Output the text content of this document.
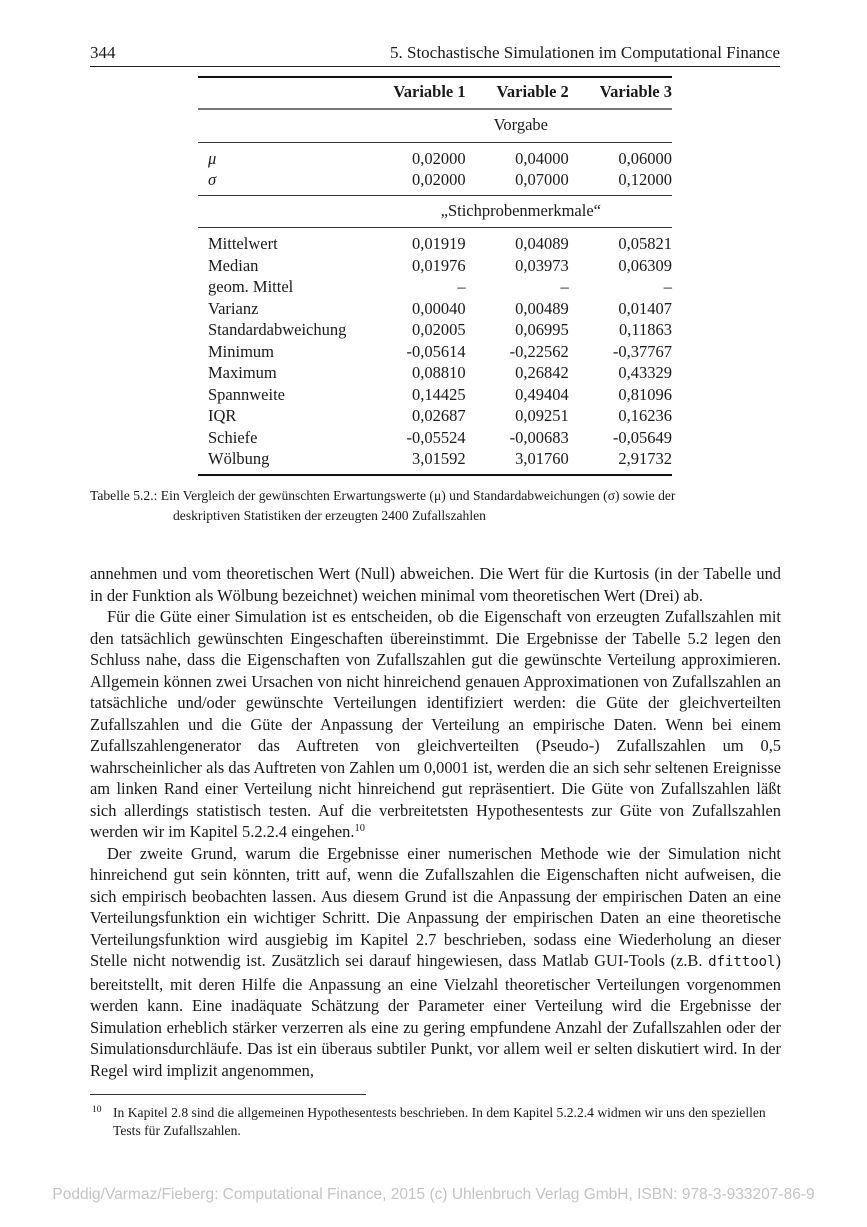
344	5. Stochastische Simulationen im Computational Finance

	Variable 1	Variable 2	Variable 3

	Vorgabe		

μ	0,02000	0,04000	0,06000
σ	0,02000	0,07000	0,12000

	„Stichprobenmerkmale“		

Mittelwert	0,01919	0,04089	0,05821
Median	0,01976	0,03973	0,06309
geom. Mittel	–	–	–
Varianz	0,00040	0,00489	0,01407
Standardabweichung	0,02005	0,06995	0,11863
Minimum	-0,05614	-0,22562	-0,37767
Maximum	0,08810	0,26842	0,43329
Spannweite	0,14425	0,49404	0,81096
IQR	0,02687	0,09251	0,16236
Schiefe	-0,05524	-0,00683	-0,05649
Wölbung	3,01592	3,01760	2,91732

Tabelle 5.2.: Ein Vergleich der gewünschten Erwartungswerte (μ) und Standardabweichungen (σ) sowie der
deskriptiven Statistiken der erzeugten 2400 Zufallszahlen

annehmen und vom theoretischen Wert (Null) abweichen. Die Wert für die Kurtosis (in der Tabelle und in der Funktion als Wölbung bezeichnet) weichen minimal vom theoretischen Wert (Drei) ab.

Für die Güte einer Simulation ist es entscheiden, ob die Eigenschaft von erzeugten Zufallszahlen mit den tatsächlich gewünschten Eingeschaften übereinstimmt. Die Ergebnisse der Tabelle 5.2 legen den Schluss nahe, dass die Eigenschaften von Zufallszahlen gut die gewünschte Verteilung approximieren. Allgemein können zwei Ursachen von nicht hinreichend genauen Approximationen von Zufallszahlen an tatsächliche und/oder gewünschte Verteilungen identifiziert werden: die Güte der gleichverteilten Zufallszahlen und die Güte der Anpassung der Verteilung an empirische Daten. Wenn bei einem Zufallszahlengenerator das Auftreten von gleichverteilten (Pseudo-) Zufallszahlen um 0,5 wahrscheinlicher als das Auftreten von Zahlen um 0,0001 ist, werden die an sich sehr seltenen Ereignisse am linken Rand einer Verteilung nicht hinreichend gut repräsentiert. Die Güte von Zufallszahlen läßt sich allerdings statistisch testen. Auf die verbreitetsten Hypothesentests zur Güte von Zufallszahlen werden wir im Kapitel 5.2.2.4 eingehen.$^{10}$

Der zweite Grund, warum die Ergebnisse einer numerischen Methode wie der Simulation nicht hinreichend gut sein könnten, tritt auf, wenn die Zufallszahlen die Eigenschaften nicht aufweisen, die sich empirisch beobachten lassen. Aus diesem Grund ist die Anpassung der empirischen Daten an eine Verteilungsfunktion ein wichtiger Schritt. Die Anpassung der empirischen Daten an eine theoretische Verteilungsfunktion wird ausgiebig im Kapitel 2.7 beschrieben, sodass eine Wiederholung an dieser Stelle nicht notwendig ist. Zusätzlich sei darauf hingewiesen, dass Matlab GUI-Tools (z.B. dfittool) bereitstellt, mit deren Hilfe die Anpassung an eine Vielzahl theoretischer Verteilungen vorgenommen werden kann. Eine inadäquate Schätzung der Parameter einer Verteilung wird die Ergebnisse der Simulation erheblich stärker verzerren als eine zu gering empfundene Anzahl der Zufallszahlen oder der Simulationsdurchläufe. Das ist ein überaus subtiler Punkt, vor allem weil er selten diskutiert wird. In der Regel wird implizit angenommen,

10 In Kapitel 2.8 sind die allgemeinen Hypothesentests beschrieben. In dem Kapitel 5.2.2.4 widmen wir uns den speziellen Tests für Zufallszahlen.
Poddig/Varmaz/Fieberg: Computational Finance, 2015 (c) Uhlenbruch Verlag GmbH, ISBN: 978-3-933207-86-9
